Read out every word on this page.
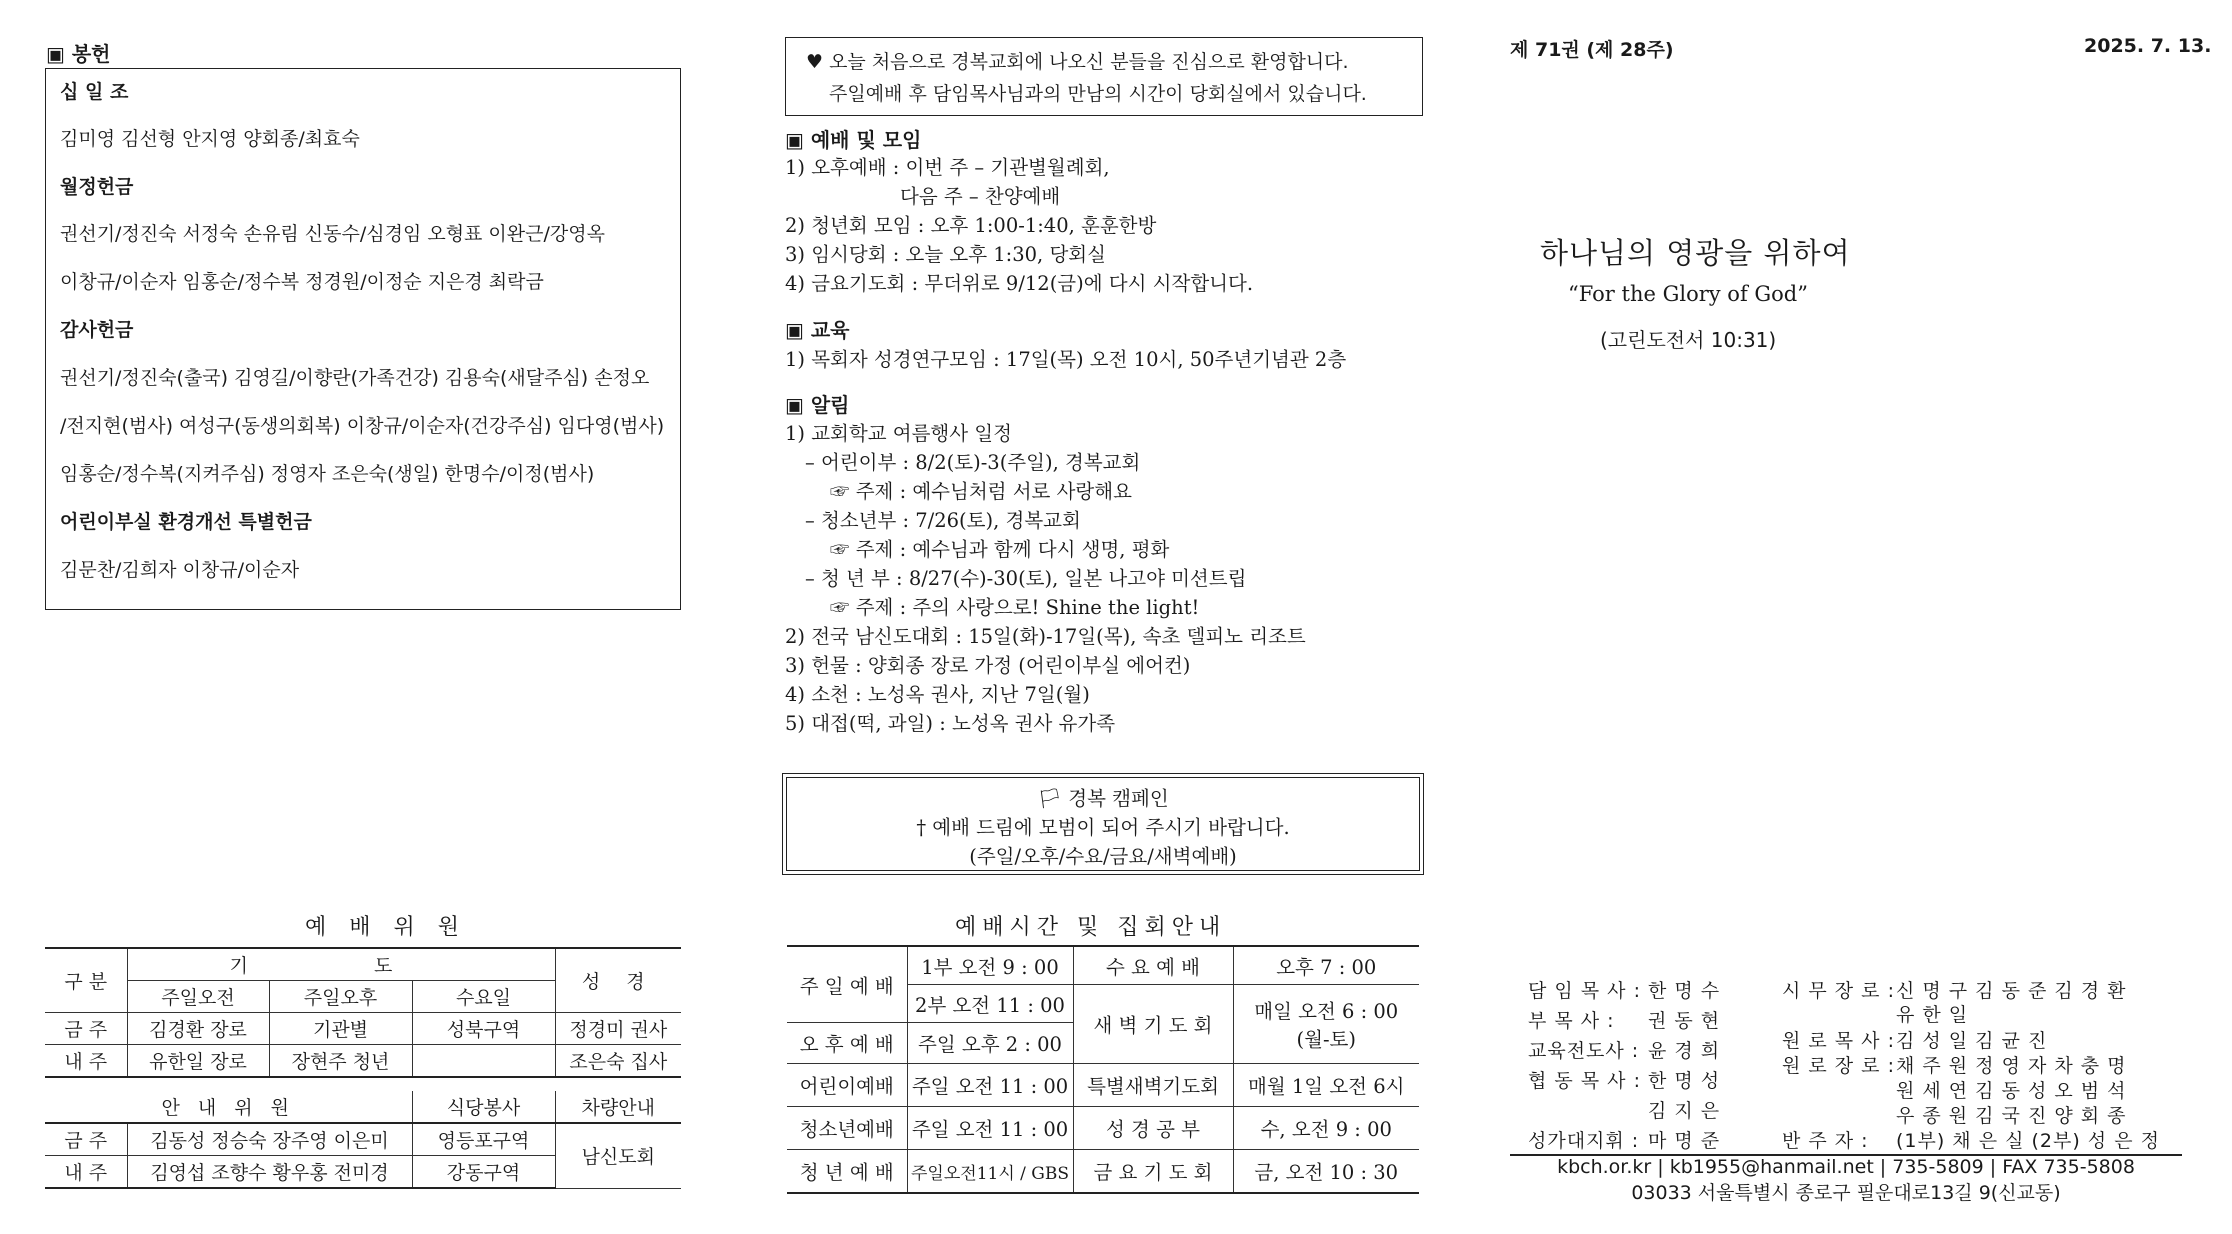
▣ 봉헌
십 일 조
김미영 김선형 안지영 양회종/최효숙
월정헌금
권선기/정진숙 서정숙 손유림 신동수/심경임 오형표 이완근/강영옥
이창규/이순자 임홍순/정수복 정경원/이정순 지은경 최락금
감사헌금
권선기/정진숙(출국) 김영길/이향란(가족건강) 김용숙(새달주심) 손정오
/전지현(범사) 여성구(동생의회복) 이창규/이순자(건강주심) 임다영(범사)
임홍순/정수복(지켜주심) 정영자 조은숙(생일) 한명수/이정(범사)
어린이부실 환경개선 특별헌금
김문찬/김희자 이창규/이순자
예 배 위 원
구 분	기 도			성 경
	주일오전	주일오후	수요일	
금 주	김경환 장로	기관별	성북구역	정경미 권사
내 주	유한일 장로	장현주 청년		조은숙 집사
안 내 위 원		식당봉사	차량안내
금 주	김동성 정승숙 장주영 이은미	영등포구역	남신도회
내 주	김영섭 조향수 황우홍 전미경	강동구역	
♥ 오늘 처음으로 경복교회에 나오신 분들을 진심으로 환영합니다.
주일예배 후 담임목사님과의 만남의 시간이 당회실에서 있습니다.
▣ 예배 및 모임
1) 오후예배 : 이번 주 – 기관별월례회,
다음 주 – 찬양예배
2) 청년회 모임 : 오후 1:00-1:40, 훈훈한방
3) 임시당회 : 오늘 오후 1:30, 당회실
4) 금요기도회 : 무더위로 9/12(금)에 다시 시작합니다.
▣ 교육
1) 목회자 성경연구모임 : 17일(목) 오전 10시, 50주년기념관 2층
▣ 알림
1) 교회학교 여름행사 일정
– 어린이부 : 8/2(토)-3(주일), 경복교회
☞ 주제 : 예수님처럼 서로 사랑해요
– 청소년부 : 7/26(토), 경복교회
☞ 주제 : 예수님과 함께 다시 생명, 평화
– 청 년 부 : 8/27(수)-30(토), 일본 나고야 미션트립
☞ 주제 : 주의 사랑으로! Shine the light!
2) 전국 남신도대회 : 15일(화)-17일(목), 속초 델피노 리조트
3) 헌물 : 양회종 장로 가정 (어린이부실 에어컨)
4) 소천 : 노성옥 권사, 지난 7일(월)
5) 대접(떡, 과일) : 노성옥 권사 유가족
🏳 경복 캠페인
† 예배 드림에 모범이 되어 주시기 바랍니다.
(주일/오후/수요/금요/새벽예배)
예배시간 및 집회안내
주 일 예 배	1부 오전 9 : 00	수 요 예 배	오후 7 : 00
	2부 오전 11 : 00	새 벽 기 도 회	매일 오전 6 : 00
(월-토)

오 후 예 배	주일 오후 2 : 00		
어린이예배	주일 오전 11 : 00	특별새벽기도회	매월 1일 오전 6시
청소년예배	주일 오전 11 : 00	성 경 공 부	수, 오전 9 : 00
청 년 예 배	주일오전11시 / GBS	금 요 기 도 회	금, 오전 10 : 30
제 71권 (제 28주)	2025. 7. 13.
하나님의 영광을 위하여
“For the Glory of God”
(고린도전서 10:31)
담 임 목 사 : 한 명 수
부 목 사 : 권 동 현
교육전도사 : 윤 경 희
협 동 목 사 : 한 명 성
김 지 은
성가대지휘 : 마 명 준
시 무 장 로 : 신 명 구 김 동 준 김 경 환
유 한 일
원 로 목 사 : 김 성 일 김 균 진
원 로 장 로 : 채 주 원 정 영 자 차 충 명
원 세 연 김 동 성 오 범 석
우 종 원 김 국 진 양 회 종
반 주 자 : (1부) 채 은 실 (2부) 성 은 정
kbch.or.kr | kb1955@hanmail.net | 735-5809 | FAX 735-5808
03033 서울특별시 종로구 필운대로13길 9(신교동)
